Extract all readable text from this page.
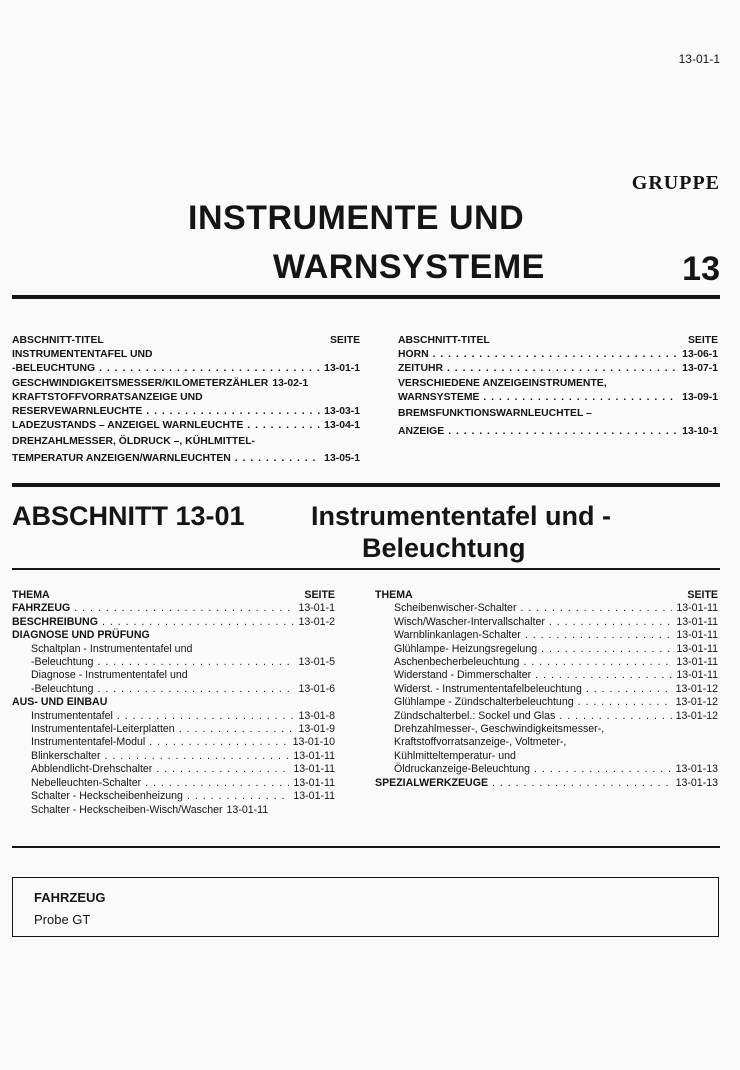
13-01-1
GRUPPE
INSTRUMENTE UND
WARNSYSTEME	13
ABSCHNITT-TITEL	SEITE
INSTRUMENTENTAFEL UND
-BELEUCHTUNG . . .	13-01-1
GESCHWINDIGKEITSMESSER/KILOMETERZÄHLER 13-02-1
KRAFTSTOFFVORRATSANZEIGE UND
RESERVEWARNLEUCHTE . . .	13-03-1
LADEZUSTANDS – ANZEIGEL WARNLEUCHTE . . .	13-04-1
DREHZAHLMESSER, ÖLDRUCK –, KÜHLMITTEL-
TEMPERATUR ANZEIGEN/WARNLEUCHTEN . . .	13-05-1
ABSCHNITT-TITEL	SEITE
HORN . . .	13-06-1
ZEITUHR . . .	13-07-1
VERSCHIEDENE ANZEIGEINSTRUMENTE,
WARNSYSTEME . . .	13-09-1
BREMSFUNKTIONSWARNLEUCHTEL –
ANZEIGE . . .	13-10-1
ABSCHNITT 13-01 Instrumententafel und -
Beleuchtung
THEMA	SEITE
FAHRZEUG . . .	13-01-1
BESCHREIBUNG . . .	13-01-2
DIAGNOSE UND PRÜFUNG
Schaltplan - Instrumententafel und
-Beleuchtung . . .	13-01-5
Diagnose - Instrumententafel und
-Beleuchtung . . .	13-01-6
AUS- UND EINBAU
Instrumententafel . . .	13-01-8
Instrumententafel-Leiterplatten . . .	13-01-9
Instrumententafel-Modul . . .	13-01-10
Blinkerschalter . . .	13-01-11
Abblendlicht-Drehschalter . . .	13-01-11
Nebelleuchten-Schalter . . .	13-01-11
Schalter - Heckscheibenheizung . . .	13-01-11
Schalter - Heckscheiben-Wisch/Wascher 13-01-11
THEMA	SEITE
Scheibenwischer-Schalter . . .	13-01-11
Wisch/Wascher-Intervallschalter . . .	13-01-11
Warnblinkanlagen-Schalter . . .	13-01-11
Glühlampe- Heizungsregelung . . .	13-01-11
Aschenbecherbeleuchtung . . .	13-01-11
Widerstand - Dimmerschalter . . .	13-01-11
Widerst. - Instrumententafelbeleuchtung . . .	13-01-12
Glühlampe - Zündschalterbeleuchtung . . .	13-01-12
Zündschalterbel.: Sockel und Glas . . .	13-01-12
Drehzahlmesser-, Geschwindigkeitsmesser-,
Kraftstoffvorratsanzeige-, Voltmeter-,
Kühlmitteltemperatur- und
Öldruckanzeige-Beleuchtung . . .	13-01-13
SPEZIALWERKZEUGE . . .	13-01-13
FAHRZEUG
Probe GT
